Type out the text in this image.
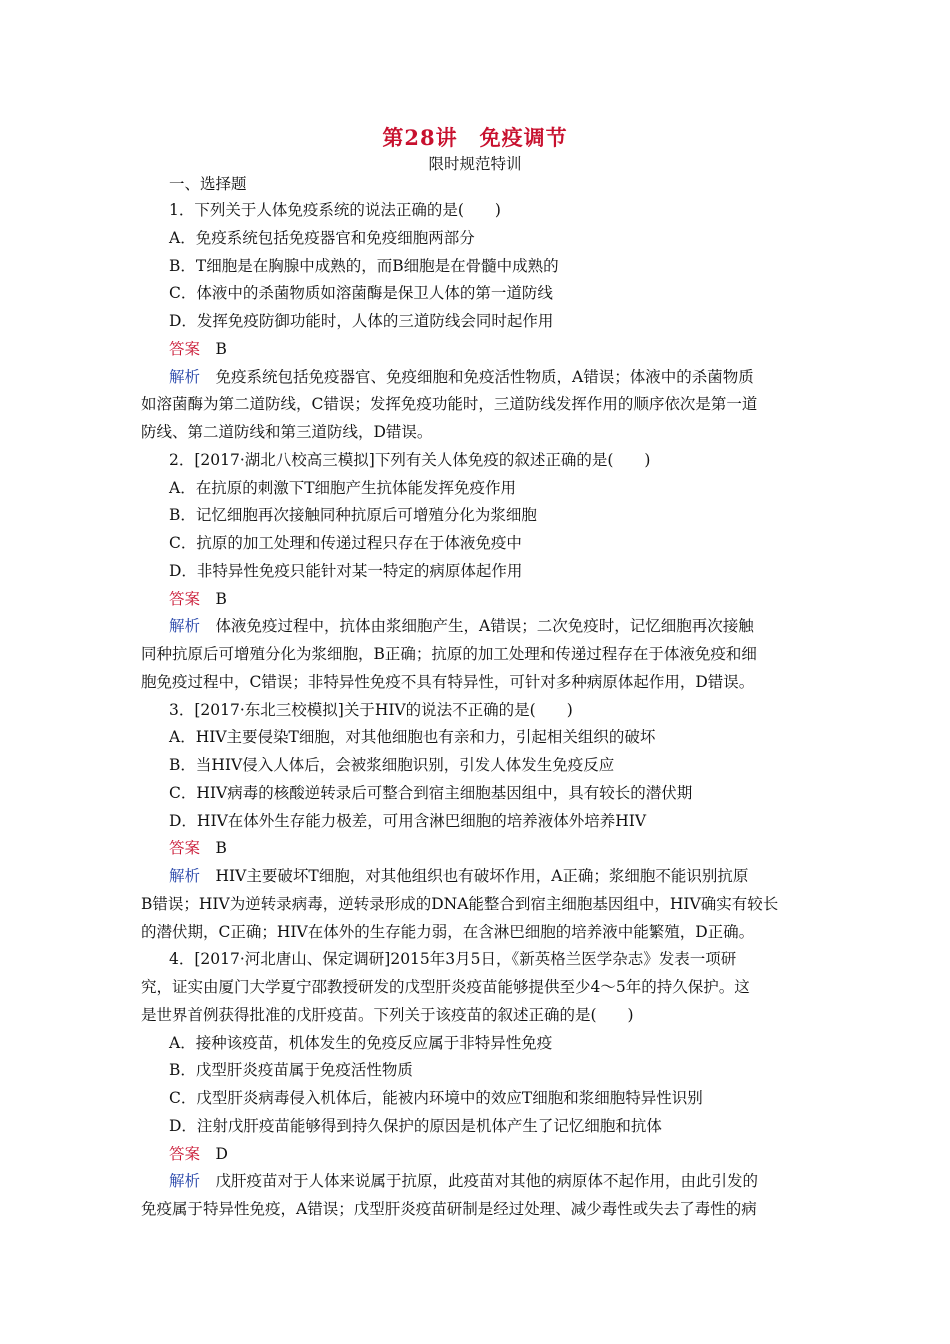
第28讲　免疫调节
限时规范特训
一、选择题
1．下列关于人体免疫系统的说法正确的是(　　)
A．免疫系统包括免疫器官和免疫细胞两部分
B．T细胞是在胸腺中成熟的，而B细胞是在骨髓中成熟的
C．体液中的杀菌物质如溶菌酶是保卫人体的第一道防线
D．发挥免疫防御功能时，人体的三道防线会同时起作用
答案　B
解析　免疫系统包括免疫器官、免疫细胞和免疫活性物质，A错误；体液中的杀菌物质
如溶菌酶为第二道防线，C错误；发挥免疫功能时，三道防线发挥作用的顺序依次是第一道
防线、第二道防线和第三道防线，D错误。
2．[2017·湖北八校高三模拟]下列有关人体免疫的叙述正确的是(　　)
A．在抗原的刺激下T细胞产生抗体能发挥免疫作用
B．记忆细胞再次接触同种抗原后可增殖分化为浆细胞
C．抗原的加工处理和传递过程只存在于体液免疫中
D．非特异性免疫只能针对某一特定的病原体起作用
答案　B
解析　体液免疫过程中，抗体由浆细胞产生，A错误；二次免疫时，记忆细胞再次接触
同种抗原后可增殖分化为浆细胞，B正确；抗原的加工处理和传递过程存在于体液免疫和细
胞免疫过程中，C错误；非特异性免疫不具有特异性，可针对多种病原体起作用，D错误。
3．[2017·东北三校模拟]关于HIV的说法不正确的是(　　)
A．HIV主要侵染T细胞，对其他细胞也有亲和力，引起相关组织的破坏
B．当HIV侵入人体后，会被浆细胞识别，引发人体发生免疫反应
C．HIV病毒的核酸逆转录后可整合到宿主细胞基因组中，具有较长的潜伏期
D．HIV在体外生存能力极差，可用含淋巴细胞的培养液体外培养HIV
答案　B
解析　HIV主要破坏T细胞，对其他组织也有破坏作用，A正确；浆细胞不能识别抗原
B错误；HIV为逆转录病毒，逆转录形成的DNA能整合到宿主细胞基因组中，HIV确实有较长
的潜伏期，C正确；HIV在体外的生存能力弱，在含淋巴细胞的培养液中能繁殖，D正确。
4．[2017·河北唐山、保定调研]2015年3月5日，《新英格兰医学杂志》发表一项研
究，证实由厦门大学夏宁邵教授研发的戊型肝炎疫苗能够提供至少4～5年的持久保护。这
是世界首例获得批准的戊肝疫苗。下列关于该疫苗的叙述正确的是(　　)
A．接种该疫苗，机体发生的免疫反应属于非特异性免疫
B．戊型肝炎疫苗属于免疫活性物质
C．戊型肝炎病毒侵入机体后，能被内环境中的效应T细胞和浆细胞特异性识别
D．注射戊肝疫苗能够得到持久保护的原因是机体产生了记忆细胞和抗体
答案　D
解析　戊肝疫苗对于人体来说属于抗原，此疫苗对其他的病原体不起作用，由此引发的
免疫属于特异性免疫，A错误；戊型肝炎疫苗研制是经过处理、减少毒性或失去了毒性的病
